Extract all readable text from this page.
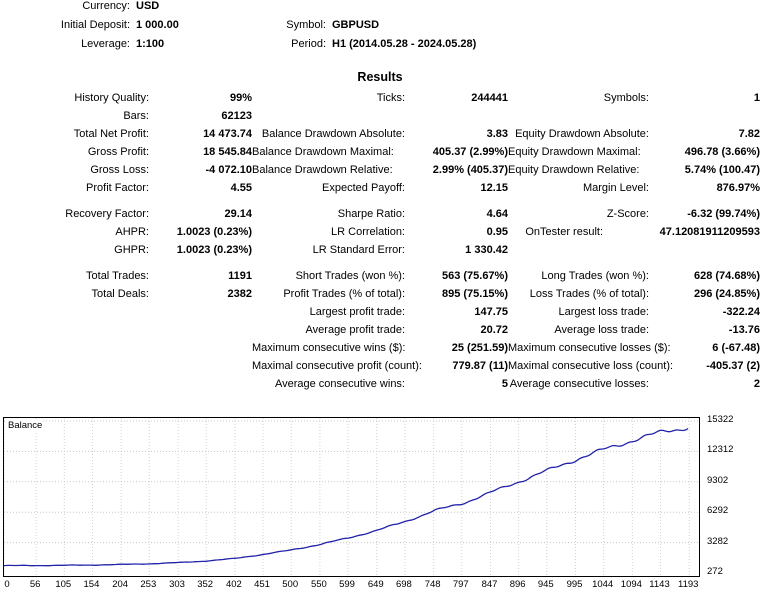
Currency: USD
Initial Deposit: 1 000.00	Symbol: GBPUSD
Leverage: 1:100	Period: H1 (2014.05.28 - 2024.05.28)
Results
History Quality:	99%	Ticks:	244441	Symbols:	1
Bars:	62123
Total Net Profit:	14 473.74 Balance Drawdown Absolute:	3.83 Equity Drawdown Absolute:	7.82
Gross Profit:	18 545.84 Balance Drawdown Maximal:	405.37 (2.99%) Equity Drawdown Maximal:	496.78 (3.66%)
Gross Loss:	-4 072.10 Balance Drawdown Relative:	2.99% (405.37) Equity Drawdown Relative:	5.74% (100.47)
Profit Factor:	4.55	Expected Payoff:	12.15	Margin Level:	876.97%
Recovery Factor:	29.14	Sharpe Ratio:	4.64	Z-Score:	-6.32 (99.74%)
AHPR:	1.0023 (0.23%)	LR Correlation:	0.95	OnTester result:	47.12081911209593
GHPR:	1.0023 (0.23%)	LR Standard Error:	1 330.42
Total Trades:	1191	Short Trades (won %):	563 (75.67%)	Long Trades (won %):	628 (74.68%)
Total Deals:	2382	Profit Trades (% of total):	895 (75.15%)	Loss Trades (% of total):	296 (24.85%)
Largest profit trade:	147.75	Largest loss trade:	-322.24
Average profit trade:	20.72	Average loss trade:	-13.76
Maximum consecutive wins ($):	25 (251.59) Maximum consecutive losses ($):	6 (-67.48)
Maximal consecutive profit (count):	779.87 (11) Maximal consecutive loss (count):	-405.37 (2)
Average consecutive wins:	5 Average consecutive losses:	2
Balance
15322
12312
9302
6292
3282
272
0 56 105 154 204 253 303 352 402 451 500 550 599 649 698 748 797 847 896 945 995 1044 1094 1143 1193
